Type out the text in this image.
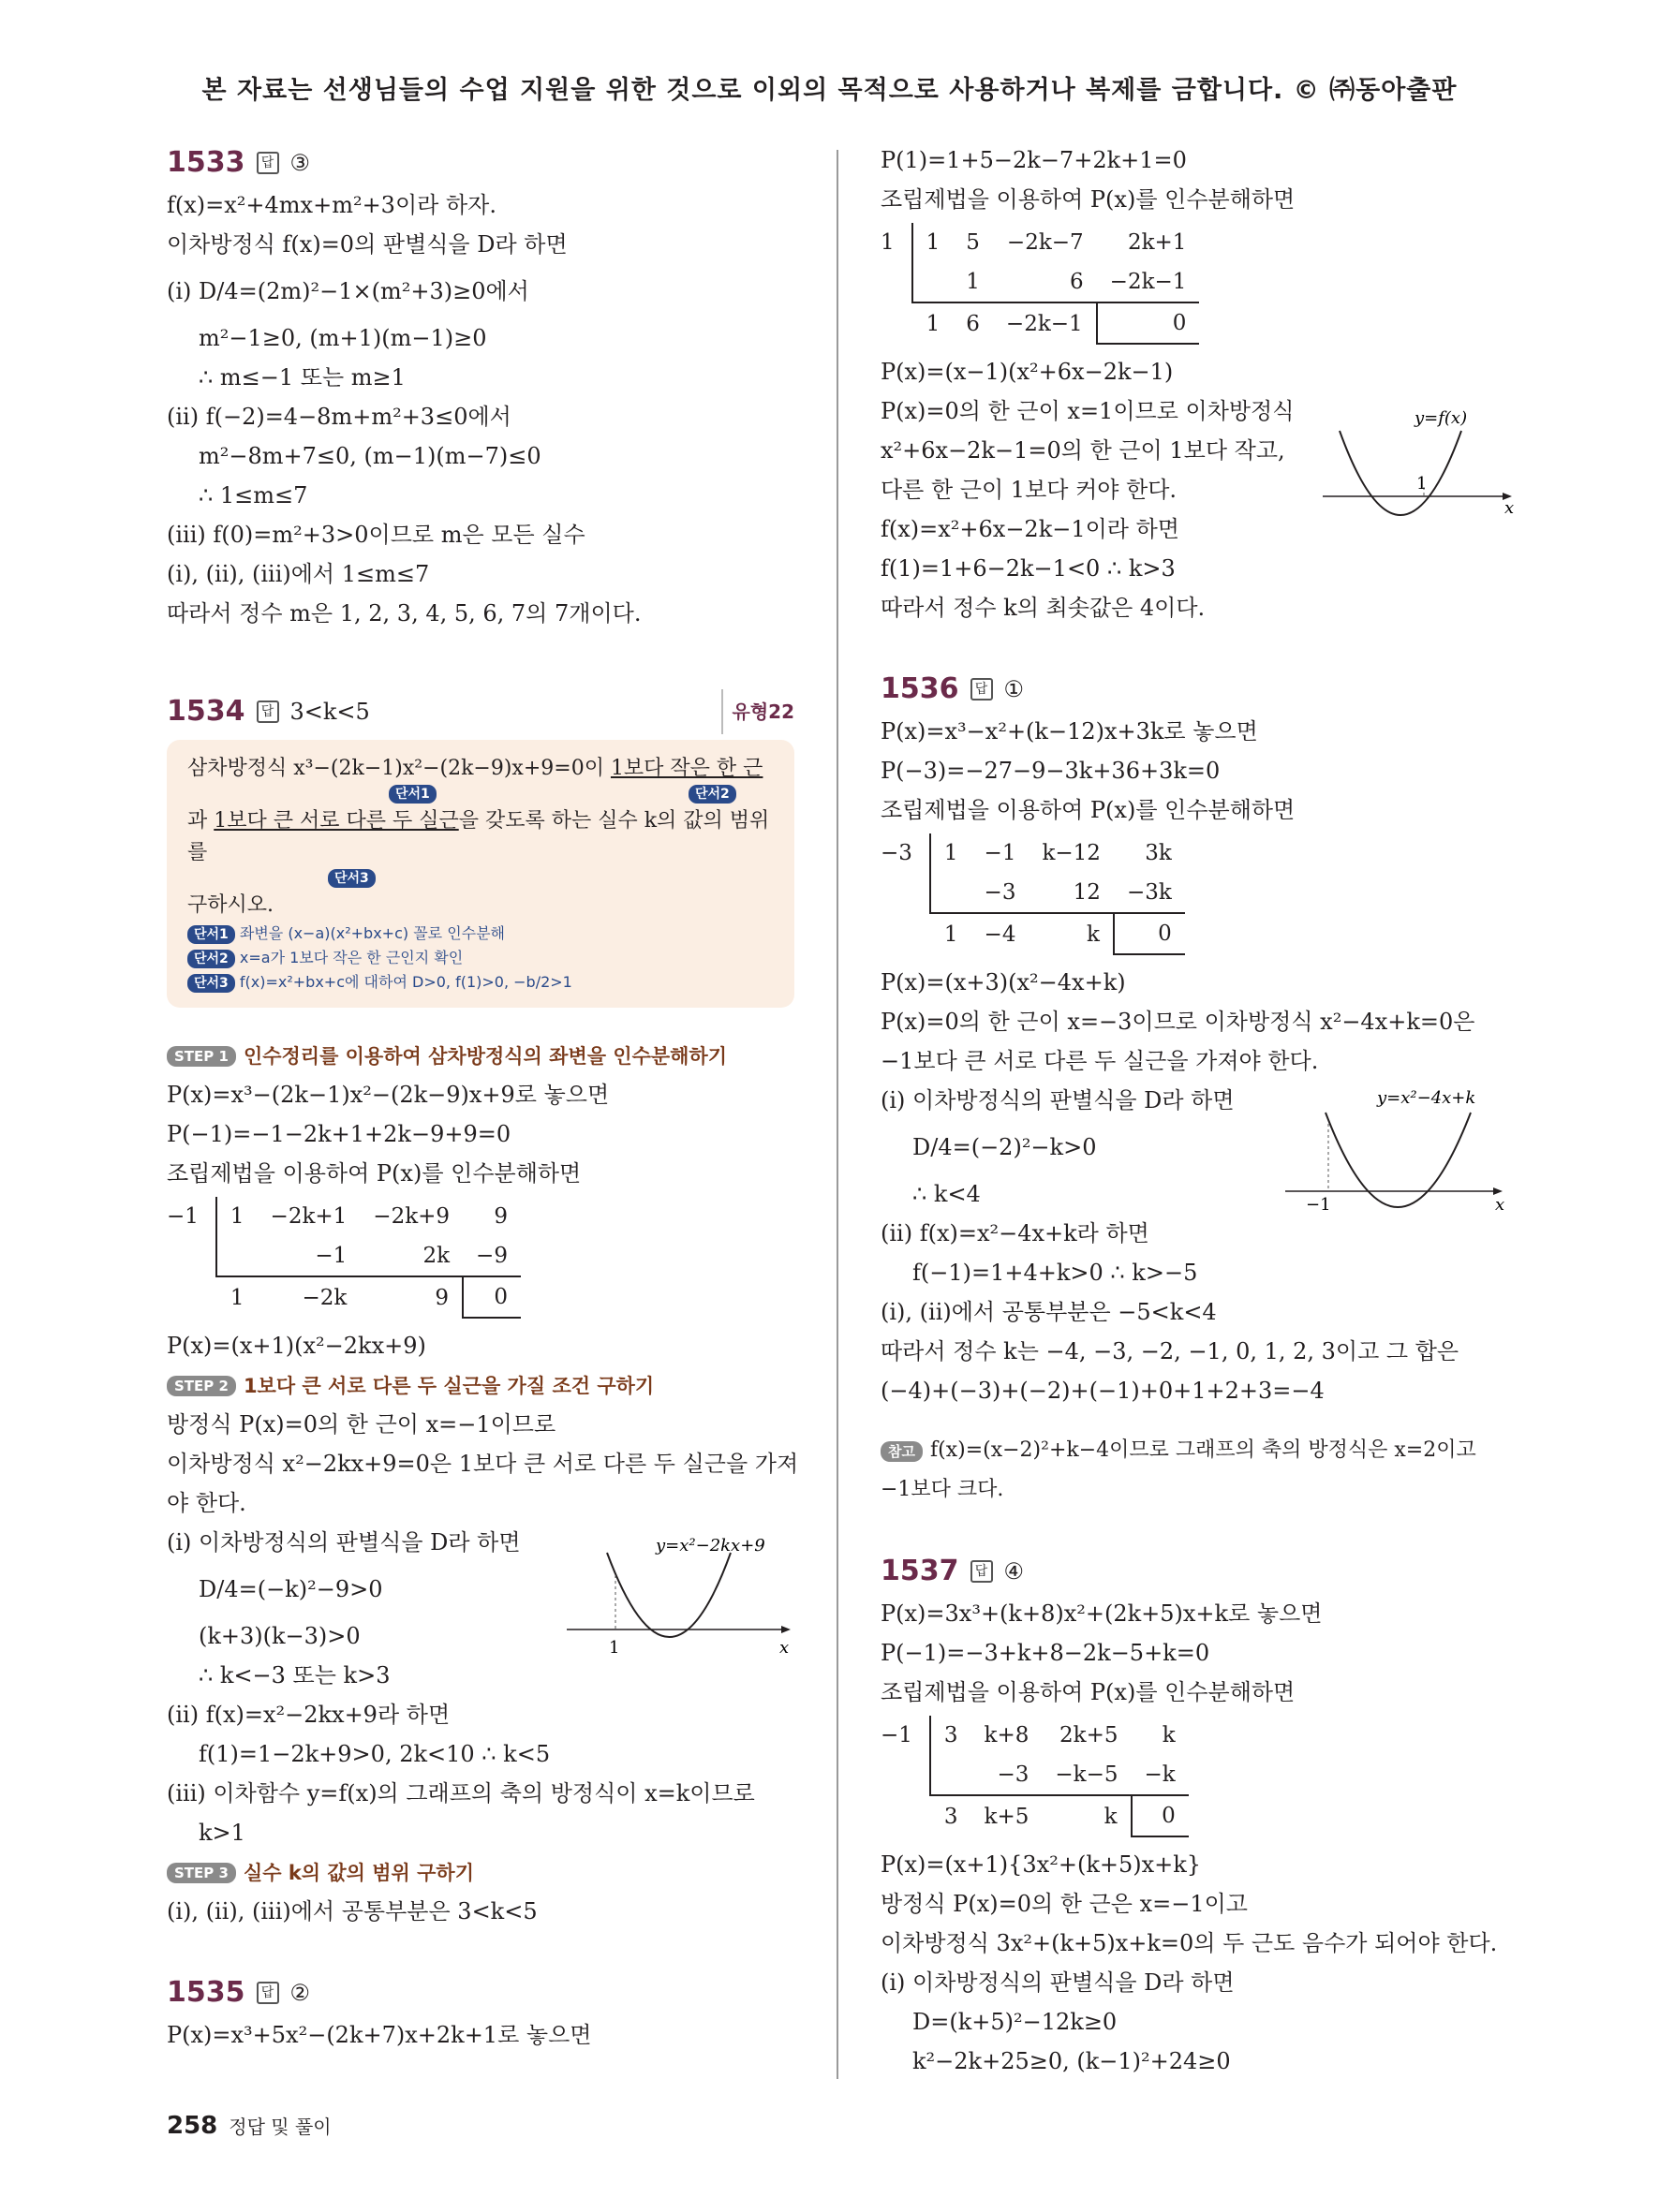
본 자료는 선생님들의 수업 지원을 위한 것으로 이외의 목적으로 사용하거나 복제를 금합니다. © ㈜동아출판
1533	답 ③
f(x)=x²+4mx+m²+3이라 하자.
이차방정식 f(x)=0의 판별식을 D라 하면
(i) D/4=(2m)²−1×(m²+3)≥0에서
m²−1≥0, (m+1)(m−1)≥0
∴ m≤−1 또는 m≥1
(ii) f(−2)=4−8m+m²+3≤0에서
m²−8m+7≤0, (m−1)(m−7)≤0
∴ 1≤m≤7
(iii) f(0)=m²+3>0이므로 m은 모든 실수
(i), (ii), (iii)에서 1≤m≤7
따라서 정수 m은 1, 2, 3, 4, 5, 6, 7의 7개이다.
1534	답 3<k<5	유형22
삼차방정식 x³−(2k−1)x²−(2k−9)x+9=0이 1보다 작은 한 근
단서1	단서2
과 1보다 큰 서로 다른 두 실근을 갖도록 하는 실수 k의 값의 범위를
단서3
구하시오.
단서1 좌변을 (x−a)(x²+bx+c) 꼴로 인수분해
단서2 x=a가 1보다 작은 한 근인지 확인
단서3 f(x)=x²+bx+c에 대하여 D>0, f(1)>0, −b/2>1
STEP 1 인수정리를 이용하여 삼차방정식의 좌변을 인수분해하기
P(x)=x³−(2k−1)x²−(2k−9)x+9로 놓으면
P(−1)=−1−2k+1+2k−9+9=0
조립제법을 이용하여 P(x)를 인수분해하면
−1	1	−2k+1	−2k+9	9
		−1	2k	−9
	1	−2k	9	0
P(x)=(x+1)(x²−2kx+9)
STEP 2 1보다 큰 서로 다른 두 실근을 가질 조건 구하기
방정식 P(x)=0의 한 근이 x=−1이므로
이차방정식 x²−2kx+9=0은 1보다 큰 서로 다른 두 실근을 가져
야 한다.
(i) 이차방정식의 판별식을 D라 하면
D/4=(−k)²−9>0
(k+3)(k−3)>0
∴ k<−3 또는 k>3
(ii) f(x)=x²−2kx+9라 하면
f(1)=1−2k+9>0, 2k<10 ∴ k<5
(iii) 이차함수 y=f(x)의 그래프의 축의 방정식이 x=k이므로
k>1
STEP 3 실수 k의 값의 범위 구하기
(i), (ii), (iii)에서 공통부분은 3<k<5
1535	답 ②
P(x)=x³+5x²−(2k+7)x+2k+1로 놓으면
1	x
y=x²−2kx+9
P(1)=1+5−2k−7+2k+1=0
조립제법을 이용하여 P(x)를 인수분해하면
1	1	5	−2k−7	2k+1
		1	6	−2k−1
	1	6	−2k−1	0
P(x)=(x−1)(x²+6x−2k−1)
P(x)=0의 한 근이 x=1이므로 이차방정식
x²+6x−2k−1=0의 한 근이 1보다 작고,
다른 한 근이 1보다 커야 한다.
f(x)=x²+6x−2k−1이라 하면
f(1)=1+6−2k−1<0 ∴ k>3
따라서 정수 k의 최솟값은 4이다.
1536	답 ①
P(x)=x³−x²+(k−12)x+3k로 놓으면
P(−3)=−27−9−3k+36+3k=0
조립제법을 이용하여 P(x)를 인수분해하면
−3	1	−1	k−12	3k
		−3	12	−3k
	1	−4	k	0
P(x)=(x+3)(x²−4x+k)
P(x)=0의 한 근이 x=−3이므로 이차방정식 x²−4x+k=0은
−1보다 큰 서로 다른 두 실근을 가져야 한다.
(i) 이차방정식의 판별식을 D라 하면
D/4=(−2)²−k>0
∴ k<4
(ii) f(x)=x²−4x+k라 하면
f(−1)=1+4+k>0 ∴ k>−5
(i), (ii)에서 공통부분은 −5<k<4
따라서 정수 k는 −4, −3, −2, −1, 0, 1, 2, 3이고 그 합은
(−4)+(−3)+(−2)+(−1)+0+1+2+3=−4
참고 f(x)=(x−2)²+k−4이므로 그래프의 축의 방정식은 x=2이고
−1보다 크다.
1537	답 ④
P(x)=3x³+(k+8)x²+(2k+5)x+k로 놓으면
P(−1)=−3+k+8−2k−5+k=0
조립제법을 이용하여 P(x)를 인수분해하면
−1	3	k+8	2k+5	k
		−3	−k−5	−k
	3	k+5	k	0
P(x)=(x+1){3x²+(k+5)x+k}
방정식 P(x)=0의 한 근은 x=−1이고
이차방정식 3x²+(k+5)x+k=0의 두 근도 음수가 되어야 한다.
(i) 이차방정식의 판별식을 D라 하면
D=(k+5)²−12k≥0
k²−2k+25≥0, (k−1)²+24≥0
1
x
y=f(x)
−1	x
y=x²−4x+k
258 정답 및 풀이
